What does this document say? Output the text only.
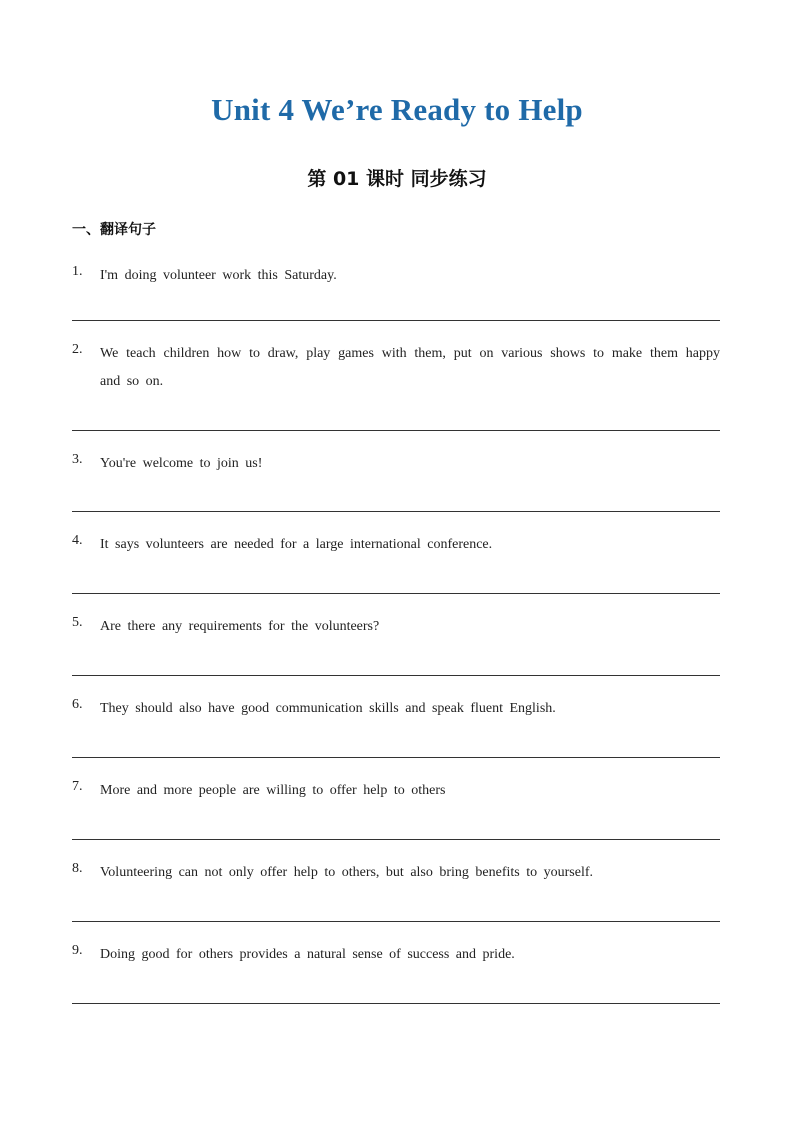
Unit 4 We’re Ready to Help
第 01 课时 同步练习
一、翻译句子
1. I'm doing volunteer work this Saturday.
2. We teach children how to draw, play games with them, put on various shows to make them happy and so on.
3. You're welcome to join us!
4. It says volunteers are needed for a large international conference.
5. Are there any requirements for the volunteers?
6. They should also have good communication skills and speak fluent English.
7. More and more people are willing to offer help to others
8. Volunteering can not only offer help to others, but also bring benefits to yourself.
9. Doing good for others provides a natural sense of success and pride.
